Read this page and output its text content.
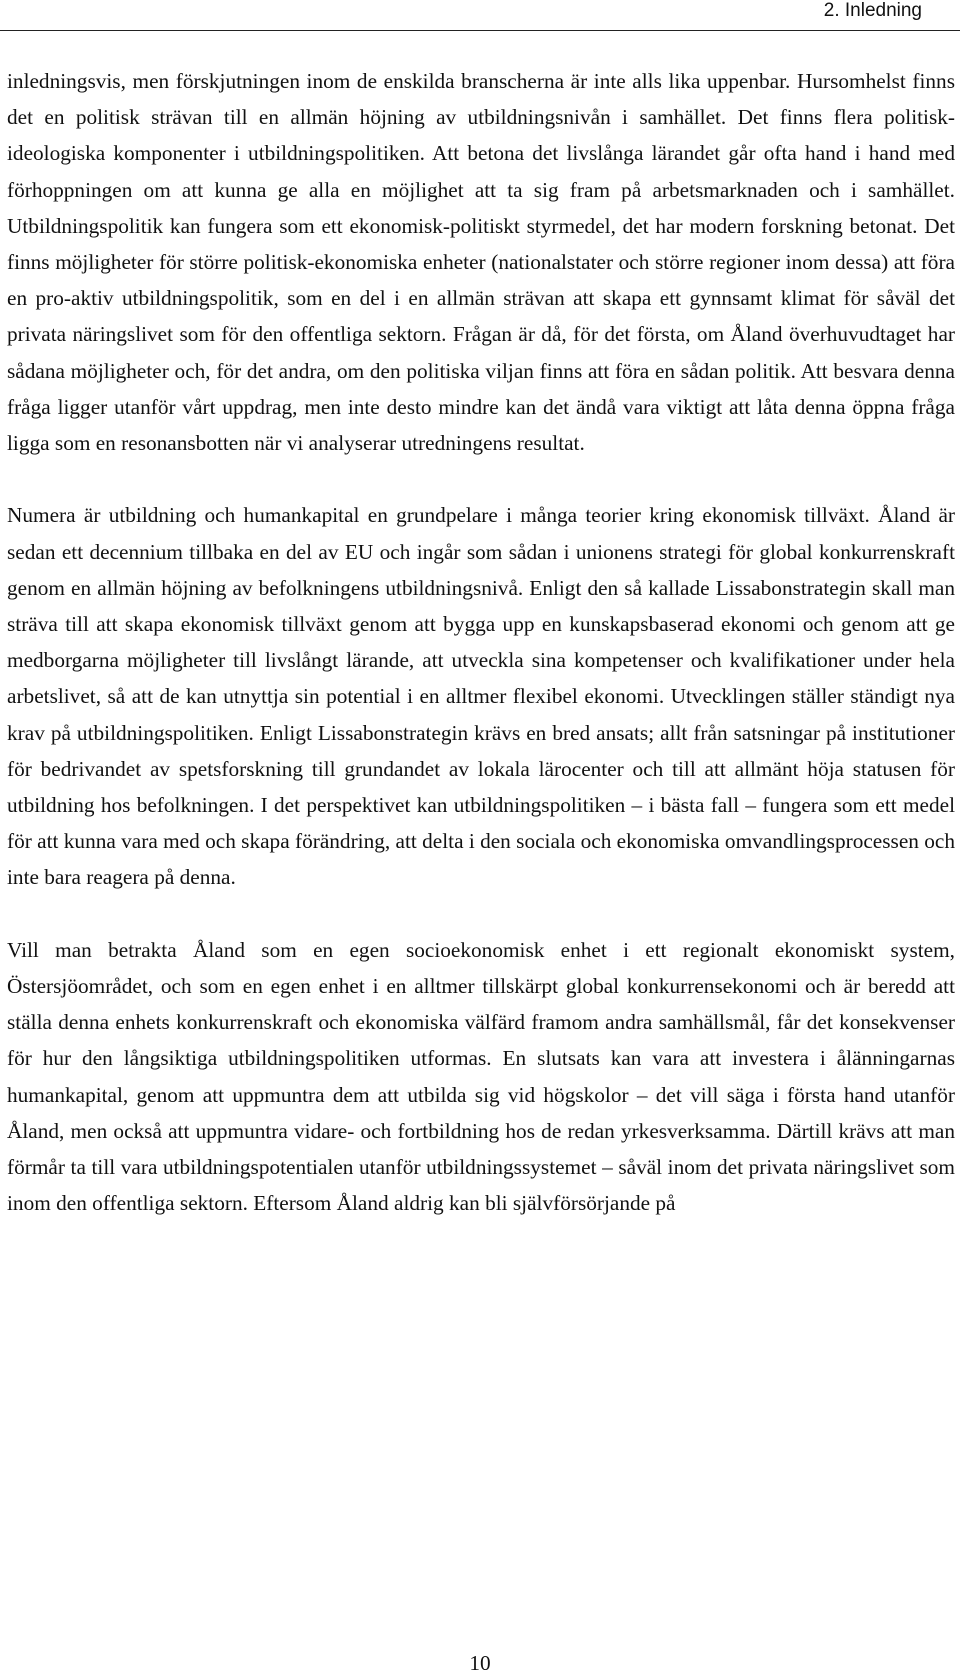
2. Inledning

inledningsvis, men förskjutningen inom de enskilda branscherna är inte alls lika uppenbar. Hursomhelst finns det en politisk strävan till en allmän höjning av utbildningsnivån i samhället. Det finns flera politisk-ideologiska komponenter i utbildningspolitiken. Att betona det livslånga lärandet går ofta hand i hand med förhoppningen om att kunna ge alla en möjlighet att ta sig fram på arbetsmarknaden och i samhället. Utbildningspolitik kan fungera som ett ekonomisk-politiskt styrmedel, det har modern forskning betonat. Det finns möjligheter för större politisk-ekonomiska enheter (nationalstater och större regioner inom dessa) att föra en pro-aktiv utbildningspolitik, som en del i en allmän strävan att skapa ett gynnsamt klimat för såväl det privata näringslivet som för den offentliga sektorn. Frågan är då, för det första, om Åland överhuvudtaget har sådana möjligheter och, för det andra, om den politiska viljan finns att föra en sådan politik. Att besvara denna fråga ligger utanför vårt uppdrag, men inte desto mindre kan det ändå vara viktigt att låta denna öppna fråga ligga som en resonansbotten när vi analyserar utredningens resultat.

Numera är utbildning och humankapital en grundpelare i många teorier kring ekonomisk tillväxt. Åland är sedan ett decennium tillbaka en del av EU och ingår som sådan i unionens strategi för global konkurrenskraft genom en allmän höjning av befolkningens utbildningsnivå. Enligt den så kallade Lissabonstrategin skall man sträva till att skapa ekonomisk tillväxt genom att bygga upp en kunskapsbaserad ekonomi och genom att ge medborgarna möjligheter till livslångt lärande, att utveckla sina kompetenser och kvalifikationer under hela arbetslivet, så att de kan utnyttja sin potential i en alltmer flexibel ekonomi. Utvecklingen ställer ständigt nya krav på utbildningspolitiken. Enligt Lissabonstrategin krävs en bred ansats; allt från satsningar på institutioner för bedrivandet av spetsforskning till grundandet av lokala lärocenter och till att allmänt höja statusen för utbildning hos befolkningen. I det perspektivet kan utbildningspolitiken – i bästa fall – fungera som ett medel för att kunna vara med och skapa förändring, att delta i den sociala och ekonomiska omvandlingsprocessen och inte bara reagera på denna.

Vill man betrakta Åland som en egen socioekonomisk enhet i ett regionalt ekonomiskt system, Östersjöområdet, och som en egen enhet i en alltmer tillskärpt global konkurrensekonomi och är beredd att ställa denna enhets konkurrenskraft och ekonomiska välfärd framom andra samhällsmål, får det konsekvenser för hur den långsiktiga utbildningspolitiken utformas. En slutsats kan vara att investera i ålänningarnas humankapital, genom att uppmuntra dem att utbilda sig vid högskolor – det vill säga i första hand utanför Åland, men också att uppmuntra vidare- och fortbildning hos de redan yrkesverksamma. Därtill krävs att man förmår ta till vara utbildningspotentialen utanför utbildningssystemet – såväl inom det privata näringslivet som inom den offentliga sektorn. Eftersom Åland aldrig kan bli självförsörjande på

10
